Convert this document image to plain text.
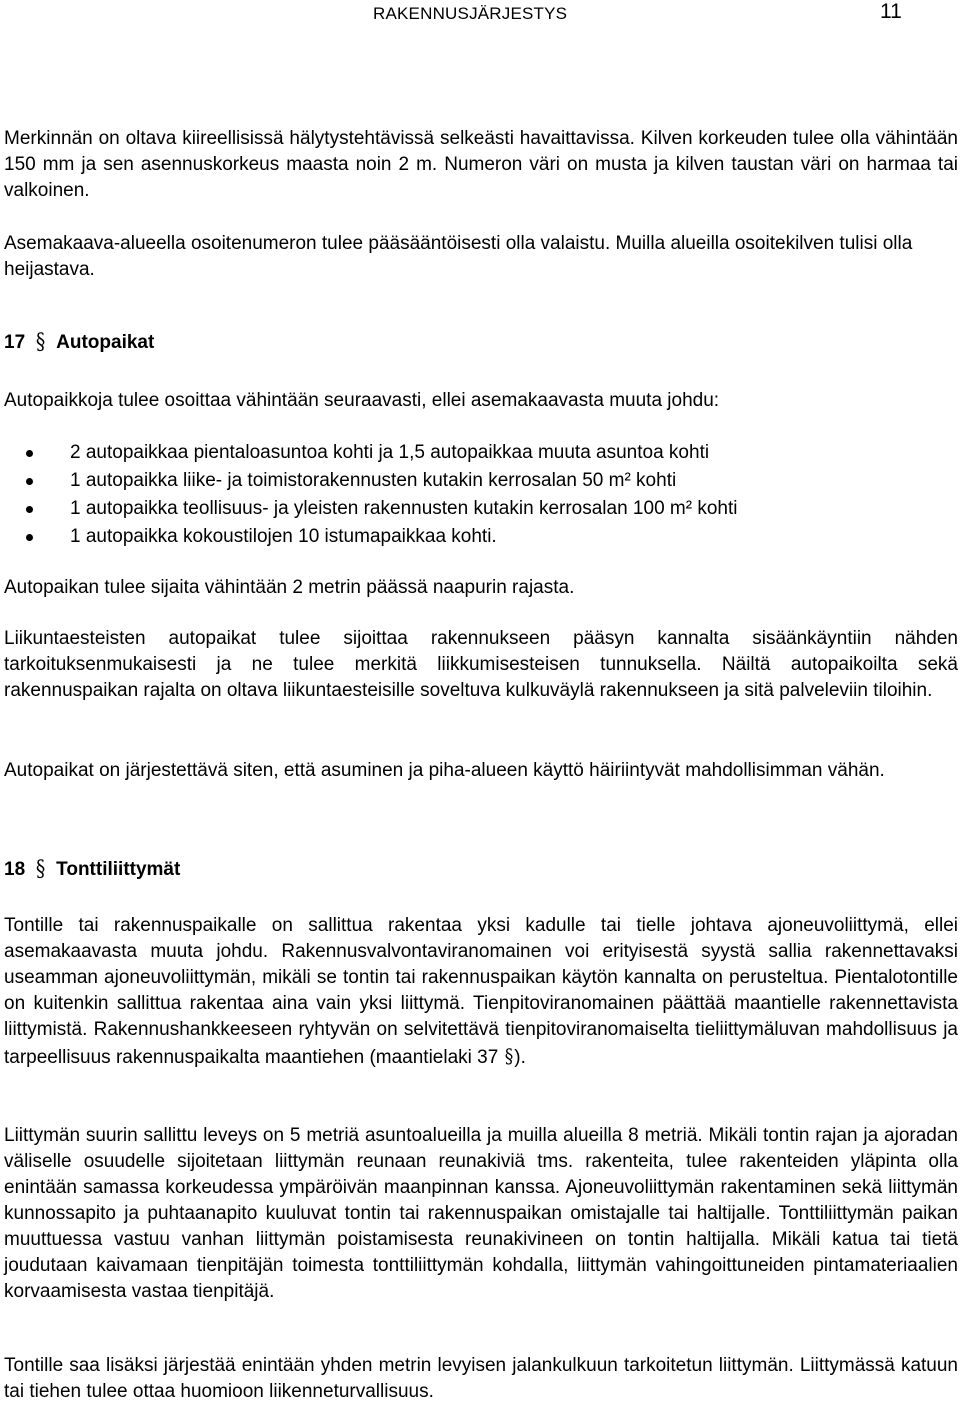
RAKENNUSJÄRJESTYS	11

Merkinnän on oltava kiireellisissä hälytystehtävissä selkeästi havaittavissa. Kilven korkeuden tulee olla vähintään 150 mm ja sen asennuskorkeus maasta noin 2 m. Numeron väri on musta ja kilven taustan väri on harmaa tai valkoinen.

Asemakaava-alueella osoitenumeron tulee pääsääntöisesti olla valaistu. Muilla alueilla osoitekilven tulisi olla heijastava.

17 § Autopaikat

Autopaikkoja tulee osoittaa vähintään seuraavasti, ellei asemakaavasta muuta johdu:

2 autopaikkaa pientaloasuntoa kohti ja 1,5 autopaikkaa muuta asuntoa kohti
1 autopaikka liike- ja toimistorakennusten kutakin kerrosalan 50 m² kohti
1 autopaikka teollisuus- ja yleisten rakennusten kutakin kerrosalan 100 m² kohti
1 autopaikka kokoustilojen 10 istumapaikkaa kohti.

Autopaikan tulee sijaita vähintään 2 metrin päässä naapurin rajasta.

Liikuntaesteisten autopaikat tulee sijoittaa rakennukseen pääsyn kannalta sisäänkäyntiin nähden tarkoituksenmukaisesti ja ne tulee merkitä liikkumisesteisen tunnuksella. Näiltä autopaikoilta sekä rakennuspaikan rajalta on oltava liikuntaesteisille soveltuva kulkuväylä rakennukseen ja sitä palveleviin tiloihin.

Autopaikat on järjestettävä siten, että asuminen ja piha-alueen käyttö häiriintyvät mahdollisimman vähän.

18 § Tonttiliittymät

Tontille tai rakennuspaikalle on sallittua rakentaa yksi kadulle tai tielle johtava ajoneuvoliittymä, ellei asemakaavasta muuta johdu. Rakennusvalvontaviranomainen voi erityisestä syystä sallia rakennettavaksi useamman ajoneuvoliittymän, mikäli se tontin tai rakennuspaikan käytön kannalta on perusteltua. Pientalotontille on kuitenkin sallittua rakentaa aina vain yksi liittymä. Tienpitoviranomainen päättää maantielle rakennettavista liittymistä. Rakennushankkeeseen ryhtyvän on selvitettävä tienpitoviranomaiselta tieliittymäluvan mahdollisuus ja tarpeellisuus rakennuspaikalta maantiehen (maantielaki 37 §).

Liittymän suurin sallittu leveys on 5 metriä asuntoalueilla ja muilla alueilla 8 metriä. Mikäli tontin rajan ja ajoradan väliselle osuudelle sijoitetaan liittymän reunaan reunakiviä tms. rakenteita, tulee rakenteiden yläpinta olla enintään samassa korkeudessa ympäröivän maanpinnan kanssa. Ajoneuvoliittymän rakentaminen sekä liittymän kunnossapito ja puhtaanapito kuuluvat tontin tai rakennuspaikan omistajalle tai haltijalle. Tonttiliittymän paikan muuttuessa vastuu vanhan liittymän poistamisesta reunakivineen on tontin haltijalla. Mikäli katua tai tietä joudutaan kaivamaan tienpitäjän toimesta tonttiliittymän kohdalla, liittymän vahingoittuneiden pintamateriaalien korvaamisesta vastaa tienpitäjä.

Tontille saa lisäksi järjestää enintään yhden metrin levyisen jalankulkuun tarkoitetun liittymän. Liittymässä katuun tai tiehen tulee ottaa huomioon liikenneturvallisuus.
